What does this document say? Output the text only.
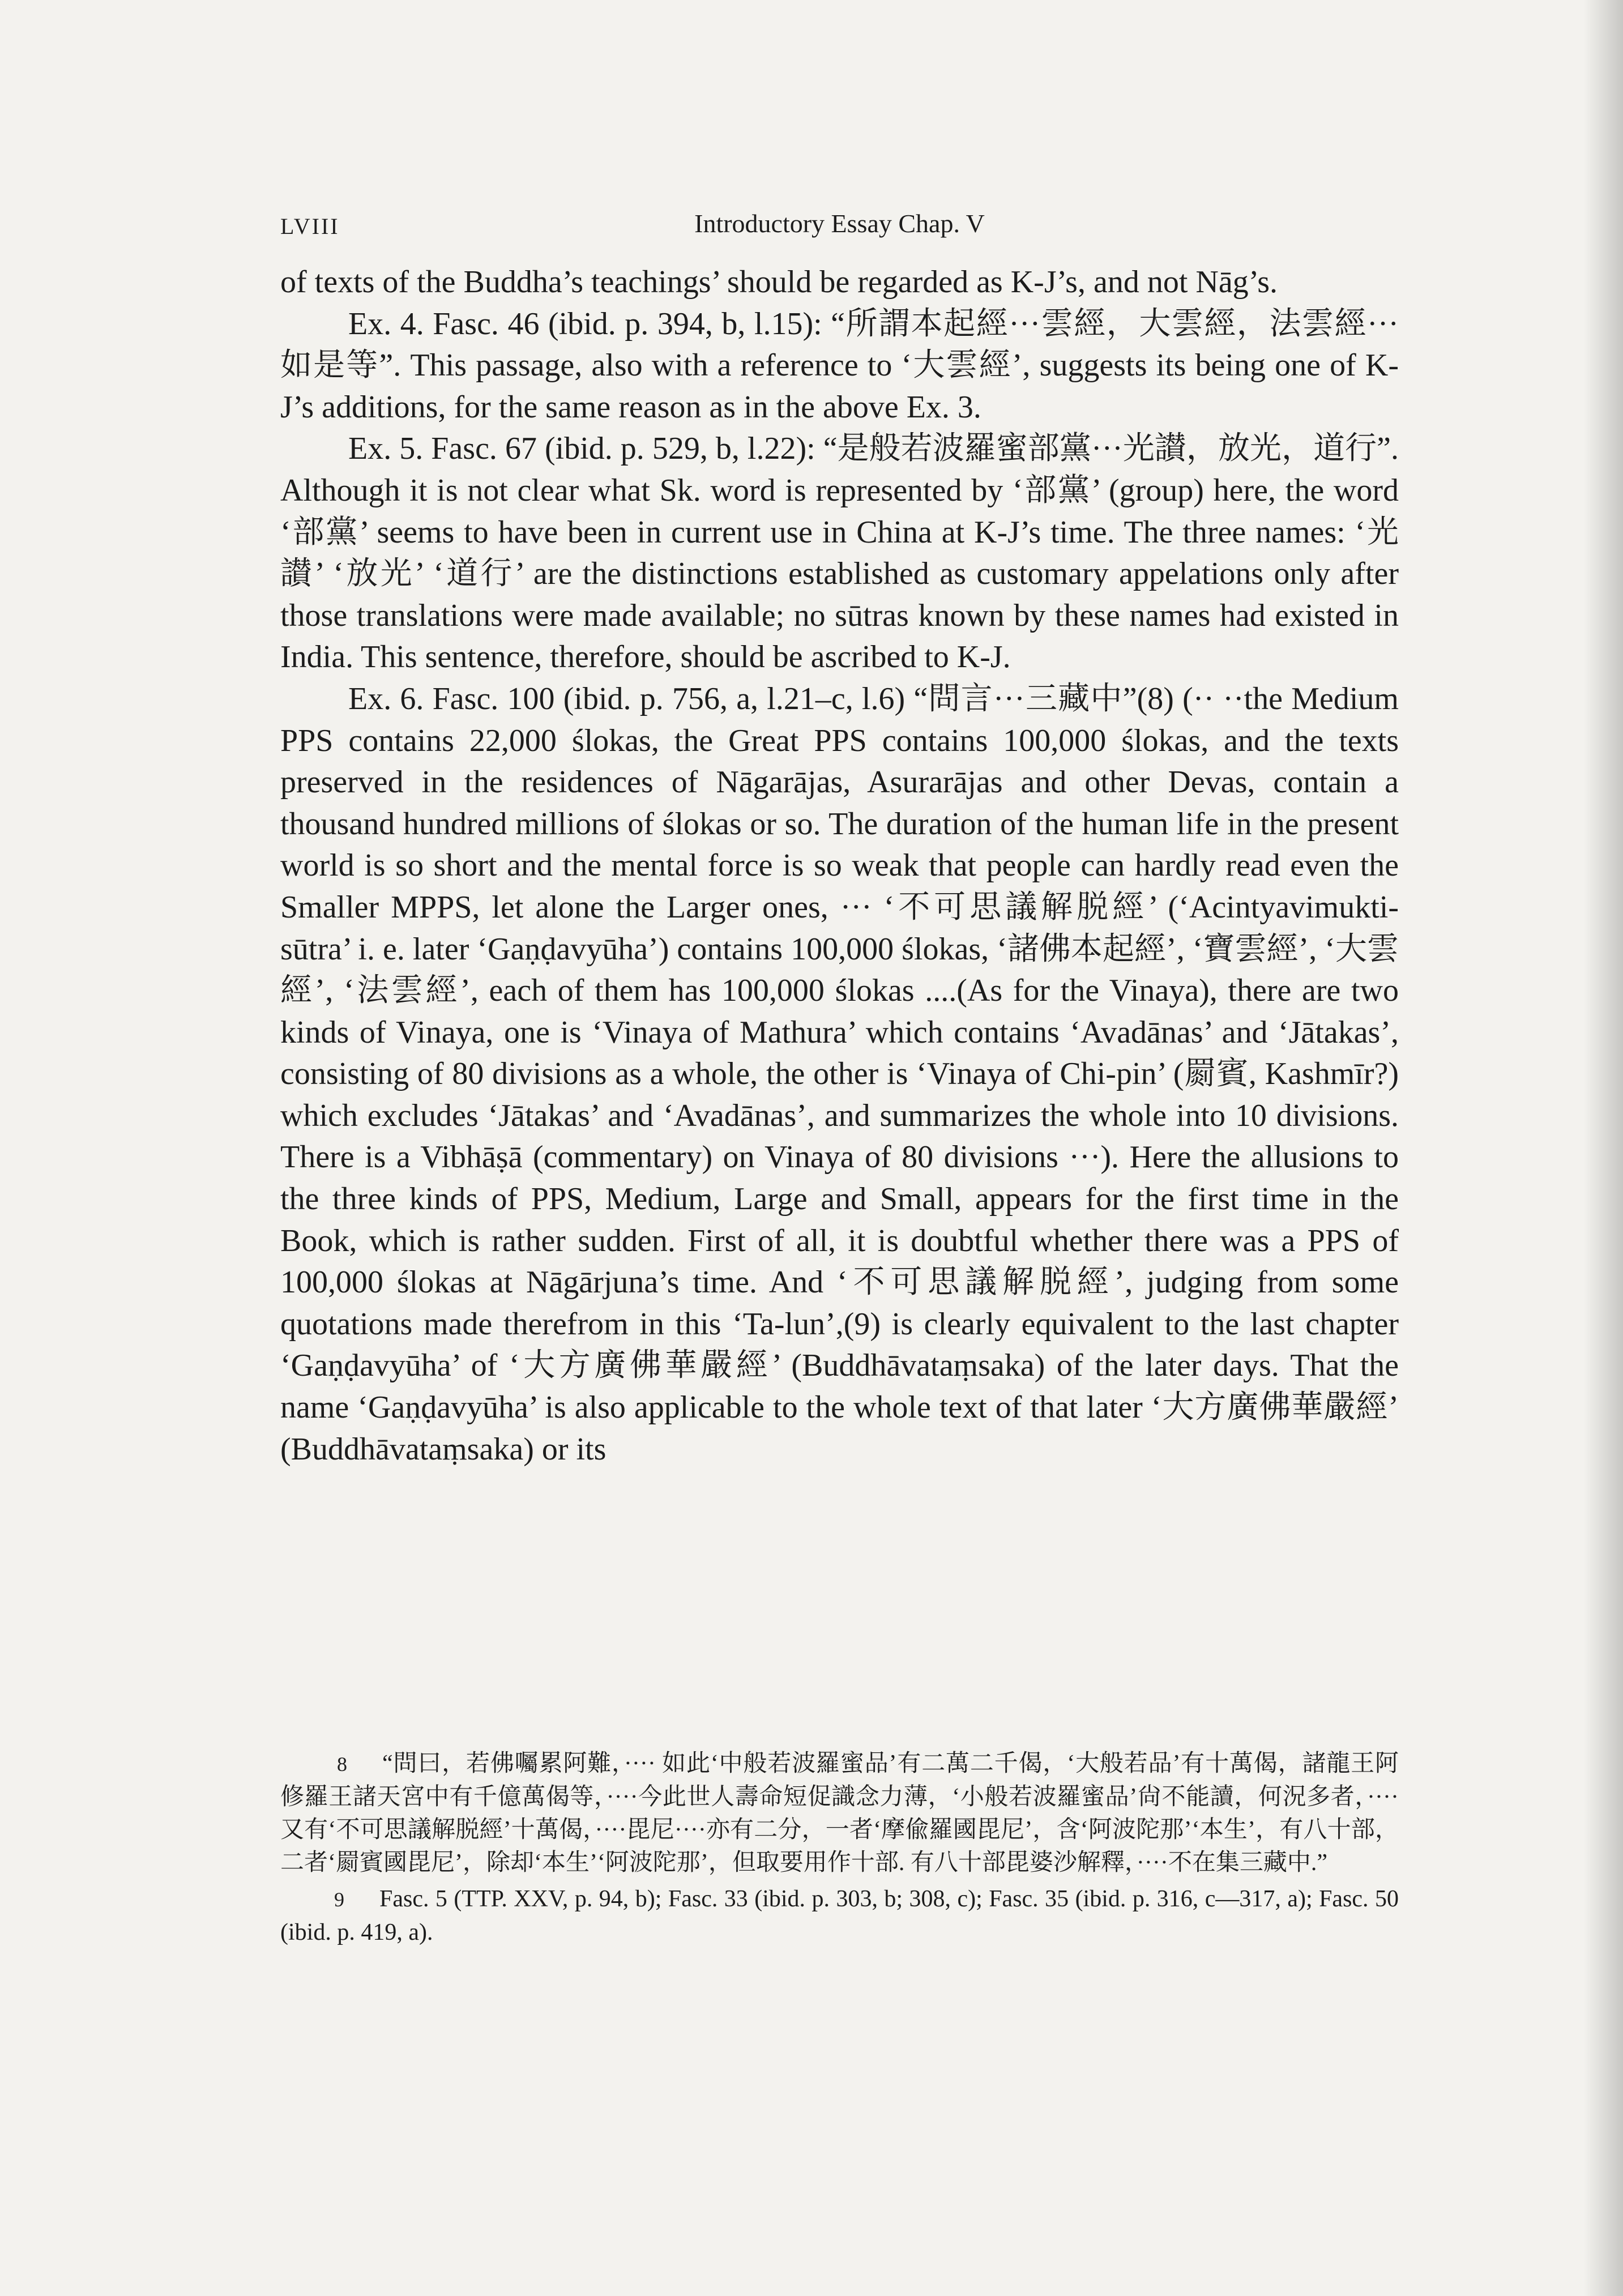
LVIII	Introductory Essay Chap. V

of texts of the Buddha’s teachings’ should be regarded as K-J’s, and not Nāg’s.

Ex. 4. Fasc. 46 (ibid. p. 394, b, l.15): “所謂本起經···雲經，大雲經，法雲經···如是等”. This passage, also with a reference to ‘大雲經’, suggests its being one of K-J’s additions, for the same reason as in the above Ex. 3.

Ex. 5. Fasc. 67 (ibid. p. 529, b, l.22): “是般若波羅蜜部黨···光讃，放光，道行”. Although it is not clear what Sk. word is represented by ‘部黨’ (group) here, the word ‘部黨’ seems to have been in current use in China at K-J’s time. The three names: ‘光讃’ ‘放光’ ‘道行’ are the distinctions established as customary appelations only after those translations were made available; no sūtras known by these names had existed in India. This sentence, therefore, should be ascribed to K-J.

Ex. 6. Fasc. 100 (ibid. p. 756, a, l.21–c, l.6) “問言···三藏中”(8) (·· ··the Medium PPS contains 22,000 ślokas, the Great PPS contains 100,000 ślokas, and the texts preserved in the residences of Nāgarājas, Asurarājas and other Devas, contain a thousand hundred millions of ślokas or so. The duration of the human life in the present world is so short and the mental force is so weak that people can hardly read even the Smaller MPPS, let alone the Larger ones, ··· ‘不可思議解脱經’ (‘Acintyavimukti-sūtra’ i. e. later ‘Gaṇḍavyūha’) contains 100,000 ślokas, ‘諸佛本起經’, ‘寶雲經’, ‘大雲經’, ‘法雲經’, each of them has 100,000 ślokas ....(As for the Vinaya), there are two kinds of Vinaya, one is ‘Vinaya of Mathura’ which contains ‘Avadānas’ and ‘Jātakas’, consisting of 80 divisions as a whole, the other is ‘Vinaya of Chi-pin’ (罽賓, Kashmīr?) which excludes ‘Jātakas’ and ‘Avadānas’, and summarizes the whole into 10 divisions. There is a Vibhāṣā (commentary) on Vinaya of 80 divisions ···). Here the allusions to the three kinds of PPS, Medium, Large and Small, appears for the first time in the Book, which is rather sudden. First of all, it is doubtful whether there was a PPS of 100,000 ślokas at Nāgārjuna’s time. And ‘不可思議解脱經’, judging from some quotations made therefrom in this ‘Ta-lun’,(9) is clearly equivalent to the last chapter ‘Gaṇḍavyūha’ of ‘大方廣佛華嚴經’ (Buddhāvataṃsaka) of the later days. That the name ‘Gaṇḍavyūha’ is also applicable to the whole text of that later ‘大方廣佛華嚴經’ (Buddhāvataṃsaka) or its

8 “問曰，若佛囑累阿難，···· 如此‘中般若波羅蜜品’有二萬二千偈，‘大般若品’有十萬偈，諸龍王阿修羅王諸天宮中有千億萬偈等，····今此世人壽命短促識念力薄，‘小般若波羅蜜品’尙不能讀，何況多者，····又有‘不可思議解脱經’十萬偈，····毘尼····亦有二分，一者‘摩偸羅國毘尼’，含‘阿波陀那’‘本生’，有八十部，二者‘罽賓國毘尼’，除却‘本生’‘阿波陀那’，但取要用作十部. 有八十部毘婆沙解釋，····不在集三藏中.”

9 Fasc. 5 (TTP. XXV, p. 94, b); Fasc. 33 (ibid. p. 303, b; 308, c); Fasc. 35 (ibid. p. 316, c—317, a); Fasc. 50 (ibid. p. 419, a).
